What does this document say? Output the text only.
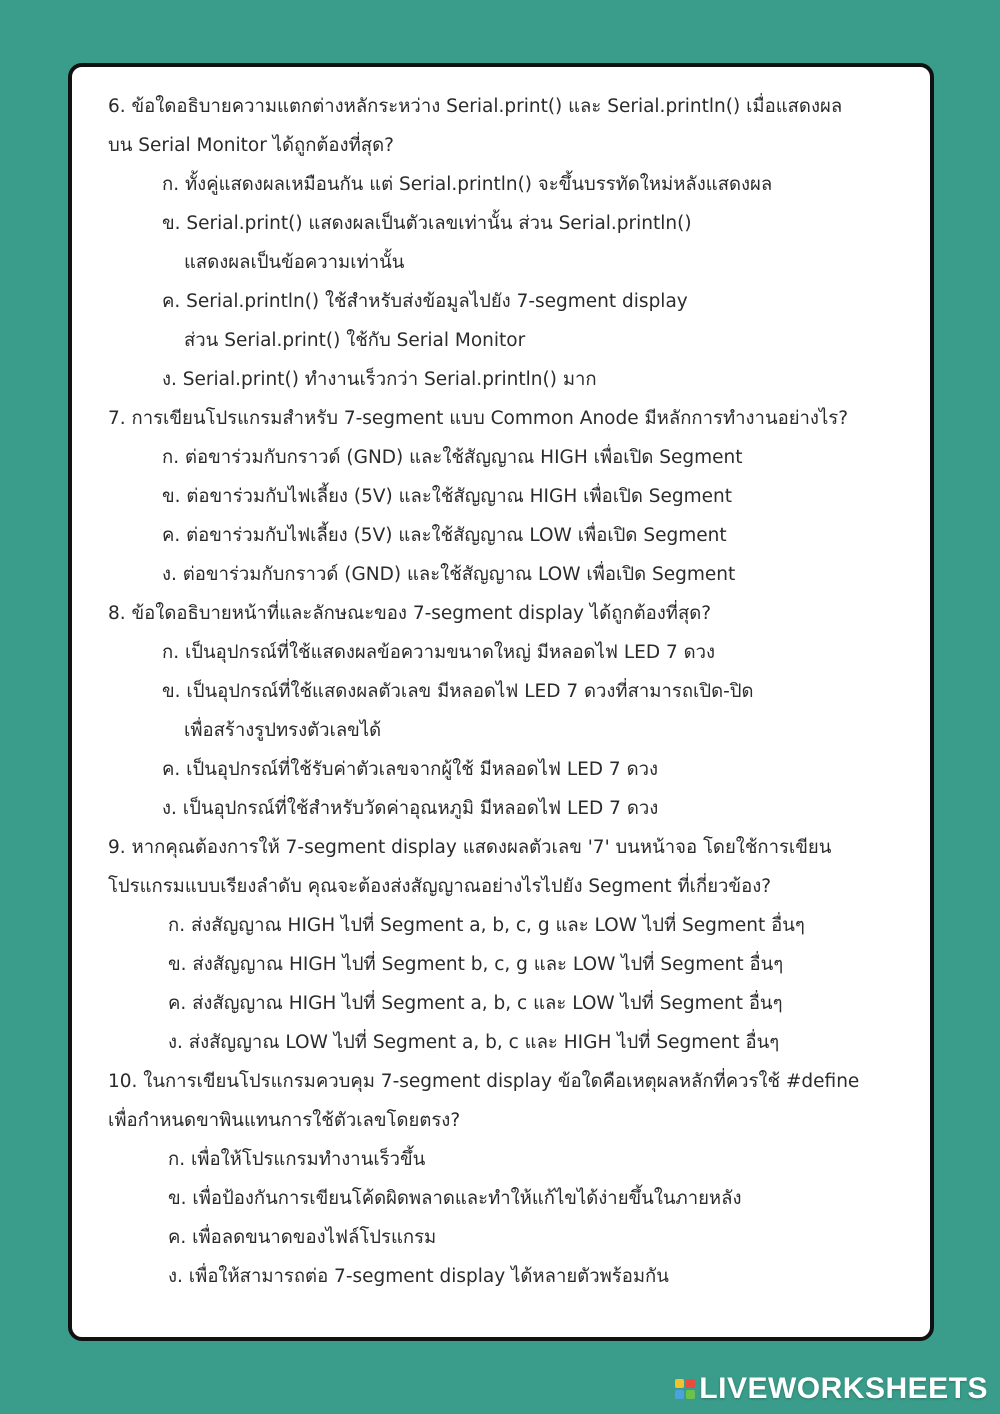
6. ข้อใดอธิบายความแตกต่างหลักระหว่าง Serial.print() และ Serial.println() เมื่อแสดงผล
บน Serial Monitor ได้ถูกต้องที่สุด?
ก. ทั้งคู่แสดงผลเหมือนกัน แต่ Serial.println() จะขึ้นบรรทัดใหม่หลังแสดงผล
ข. Serial.print() แสดงผลเป็นตัวเลขเท่านั้น ส่วน Serial.println()
แสดงผลเป็นข้อความเท่านั้น
ค. Serial.println() ใช้สำหรับส่งข้อมูลไปยัง 7-segment display
ส่วน Serial.print() ใช้กับ Serial Monitor
ง. Serial.print() ทำงานเร็วกว่า Serial.println() มาก
7. การเขียนโปรแกรมสำหรับ 7-segment แบบ Common Anode มีหลักการทำงานอย่างไร?
ก. ต่อขาร่วมกับกราวด์ (GND) และใช้สัญญาณ HIGH เพื่อเปิด Segment
ข. ต่อขาร่วมกับไฟเลี้ยง (5V) และใช้สัญญาณ HIGH เพื่อเปิด Segment
ค. ต่อขาร่วมกับไฟเลี้ยง (5V) และใช้สัญญาณ LOW เพื่อเปิด Segment
ง. ต่อขาร่วมกับกราวด์ (GND) และใช้สัญญาณ LOW เพื่อเปิด Segment
8. ข้อใดอธิบายหน้าที่และลักษณะของ 7-segment display ได้ถูกต้องที่สุด?
ก. เป็นอุปกรณ์ที่ใช้แสดงผลข้อความขนาดใหญ่ มีหลอดไฟ LED 7 ดวง
ข. เป็นอุปกรณ์ที่ใช้แสดงผลตัวเลข มีหลอดไฟ LED 7 ดวงที่สามารถเปิด-ปิด
เพื่อสร้างรูปทรงตัวเลขได้
ค. เป็นอุปกรณ์ที่ใช้รับค่าตัวเลขจากผู้ใช้ มีหลอดไฟ LED 7 ดวง
ง. เป็นอุปกรณ์ที่ใช้สำหรับวัดค่าอุณหภูมิ มีหลอดไฟ LED 7 ดวง
9. หากคุณต้องการให้ 7-segment display แสดงผลตัวเลข '7' บนหน้าจอ โดยใช้การเขียน
โปรแกรมแบบเรียงลำดับ คุณจะต้องส่งสัญญาณอย่างไรไปยัง Segment ที่เกี่ยวข้อง?
ก. ส่งสัญญาณ HIGH ไปที่ Segment a, b, c, g และ LOW ไปที่ Segment อื่นๆ
ข. ส่งสัญญาณ HIGH ไปที่ Segment b, c, g และ LOW ไปที่ Segment อื่นๆ
ค. ส่งสัญญาณ HIGH ไปที่ Segment a, b, c และ LOW ไปที่ Segment อื่นๆ
ง. ส่งสัญญาณ LOW ไปที่ Segment a, b, c และ HIGH ไปที่ Segment อื่นๆ
10. ในการเขียนโปรแกรมควบคุม 7-segment display ข้อใดคือเหตุผลหลักที่ควรใช้ #define
เพื่อกำหนดขาพินแทนการใช้ตัวเลขโดยตรง?
ก. เพื่อให้โปรแกรมทำงานเร็วขึ้น
ข. เพื่อป้องกันการเขียนโค้ดผิดพลาดและทำให้แก้ไขได้ง่ายขึ้นในภายหลัง
ค. เพื่อลดขนาดของไฟล์โปรแกรม
ง. เพื่อให้สามารถต่อ 7-segment display ได้หลายตัวพร้อมกัน
LIVEWORKSHEETS
